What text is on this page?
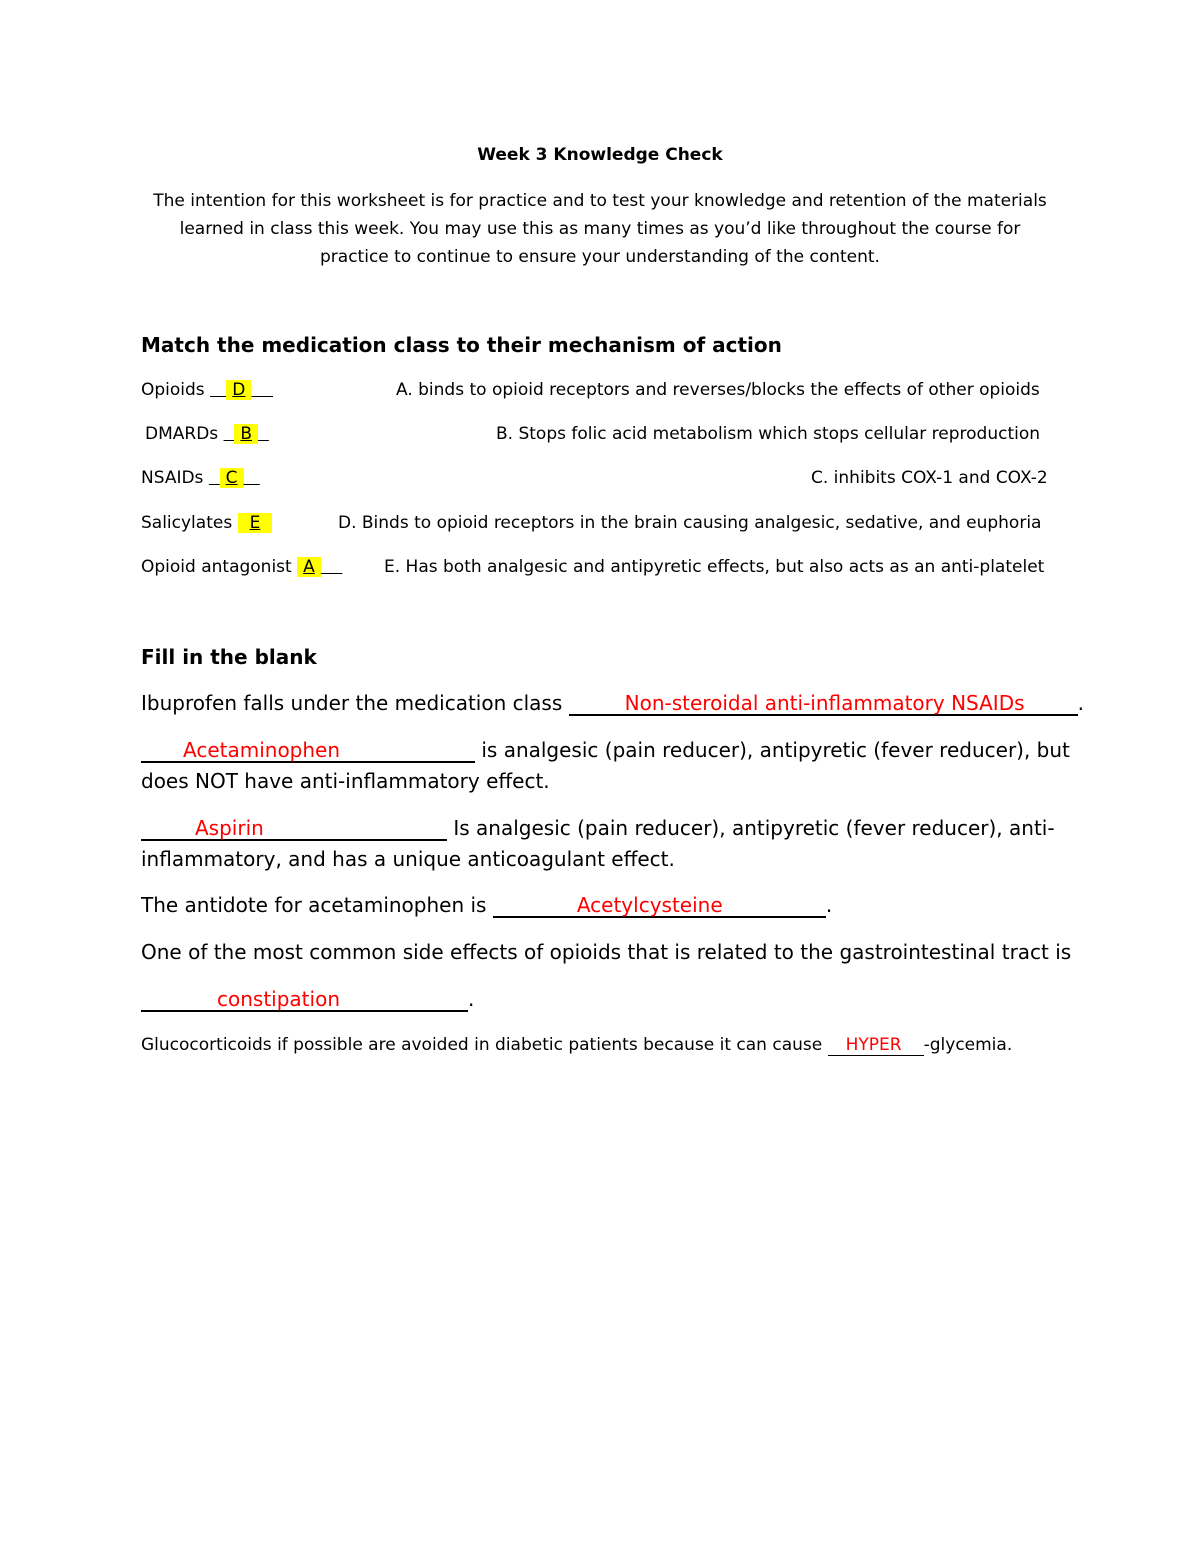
Week 3 Knowledge Check
The intention for this worksheet is for practice and to test your knowledge and retention of the materials
learned in class this week. You may use this as many times as you’d like throughout the course for
practice to continue to ensure your understanding of the content.
Match the medication class to their mechanism of action
Opioids    D	A. binds to opioid receptors and reverses/blocks the effects of other opioids
DMARDs   B	B. Stops folic acid metabolism which stops cellular reproduction
NSAIDs   C	C. inhibits COX-1 and COX-2
Salicylates E	D. Binds to opioid receptors in the brain causing analgesic, sedative, and euphoria
Opioid antagonist A	E. Has both analgesic and antipyretic effects, but also acts as an anti-platelet
Fill in the blank
Ibuprofen falls under the medication class	Non-steroidal anti-inflammatory NSAIDs	.
Acetaminophen	is analgesic (pain reducer), antipyretic (fever reducer), but
does NOT have anti-inflammatory effect.
Aspirin	Is analgesic (pain reducer), antipyretic (fever reducer), anti-
inflammatory, and has a unique anticoagulant effect.
The antidote for acetaminophen is	Acetylcysteine	.
One of the most common side effects of opioids that is related to the gastrointestinal tract is
constipation	.
Glucocorticoids if possible are avoided in diabetic patients because it can cause HYPER -glycemia.
